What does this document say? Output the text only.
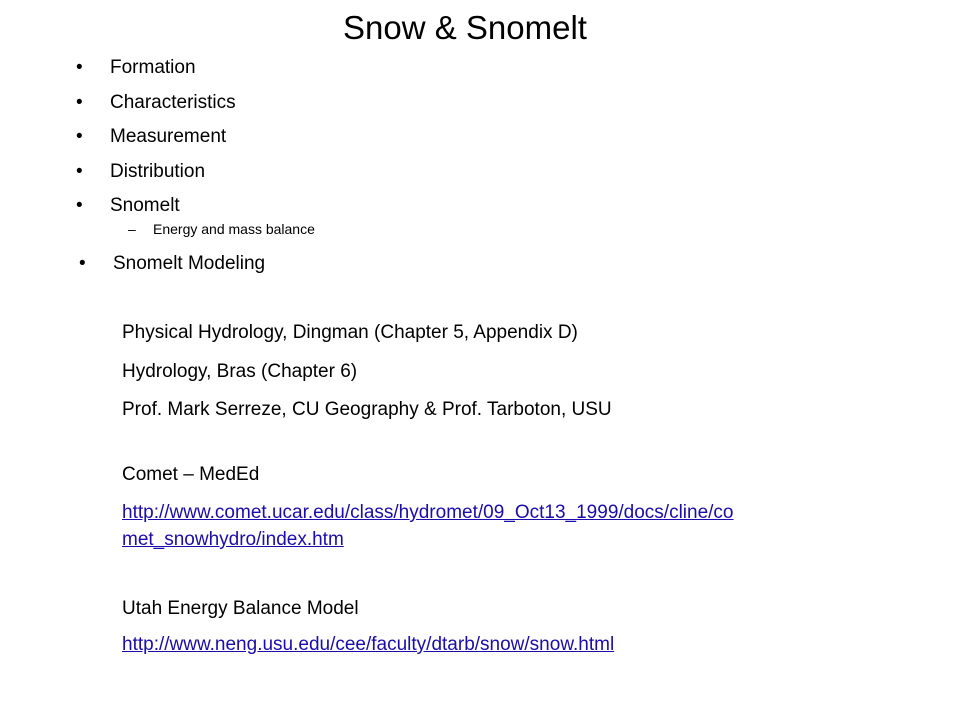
Snow & Snomelt
• Formation
• Characteristics
• Measurement
• Distribution
• Snomelt
– Energy and mass balance
• Snomelt Modeling
Physical Hydrology, Dingman (Chapter 5, Appendix D)
Hydrology, Bras (Chapter 6)
Prof. Mark Serreze, CU Geography & Prof. Tarboton, USU
Comet – MedEd
http://www.comet.ucar.edu/class/hydromet/09_Oct13_1999/docs/cline/co
met_snowhydro/index.htm
Utah Energy Balance Model
http://www.neng.usu.edu/cee/faculty/dtarb/snow/snow.html
